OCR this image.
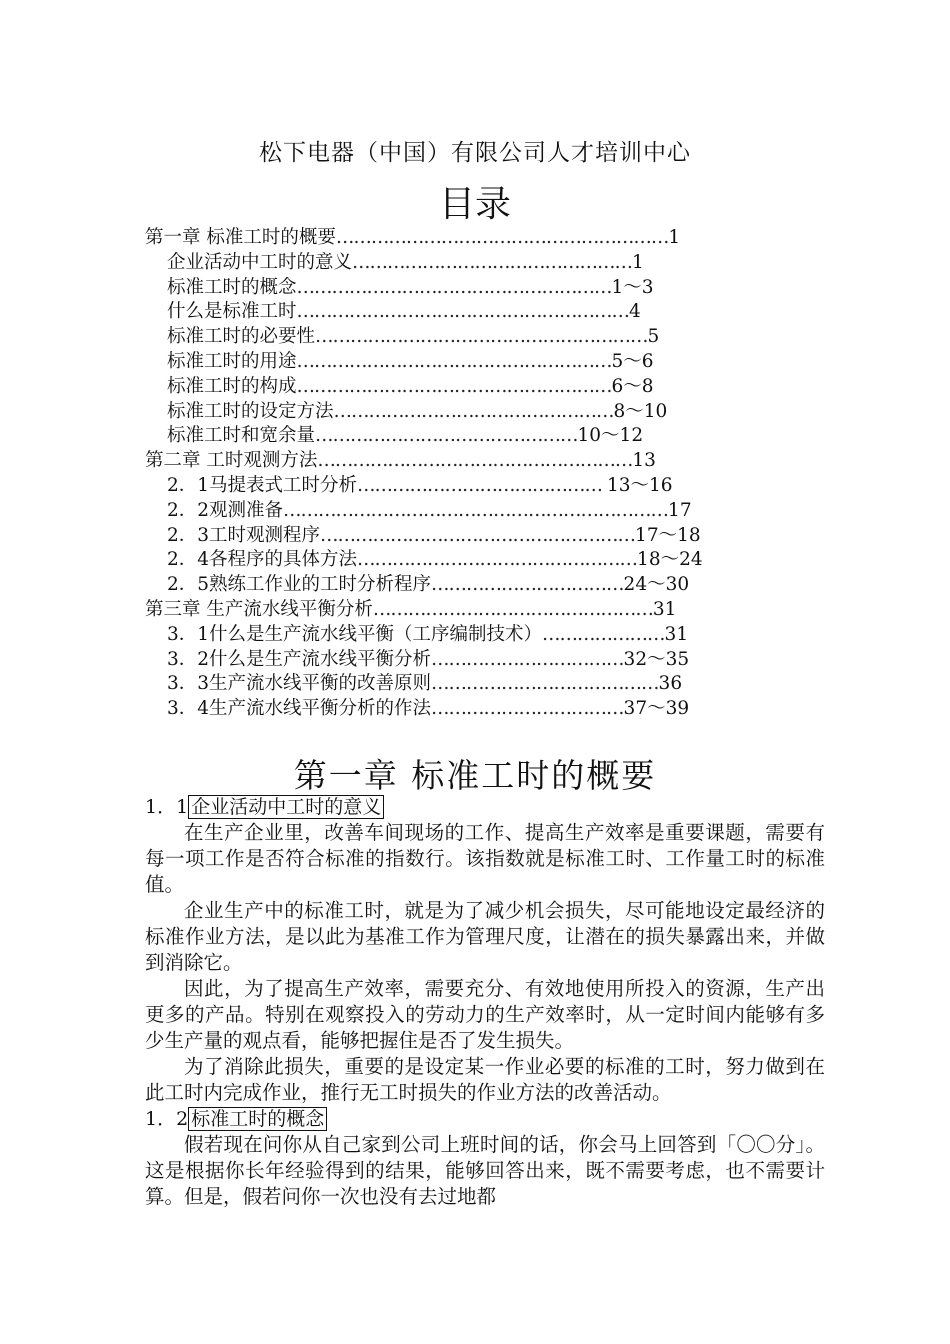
松下电器（中国）有限公司人才培训中心
目录
第一章 标准工时的概要…………………………………………………1
企业活动中工时的意义…………………………………………1
标准工时的概念………………………………………………1～3
什么是标准工时…………………………………………………4
标准工时的必要性…………………………………………………5
标准工时的用途………………………………………………5～6
标准工时的构成………………………………………………6～8
标准工时的设定方法…………………………………………8～10
标准工时和宽余量………………………………………10～12
第二章 工时观测方法………………………………………………13
2．1马提表式工时分析…………………………………… 13～16
2．2观测准备…………………………………………………………17
2．3工时观测程序………………………………………………17～18
2．4各程序的具体方法…………………………………………18～24
2．5熟练工作业的工时分析程序……………………………24～30
第三章 生产流水线平衡分析…………………………………………31
3．1什么是生产流水线平衡（工序编制技术）…………………31
3．2什么是生产流水线平衡分析……………………………32～35
3．3生产流水线平衡的改善原则…………………………………36
3．4生产流水线平衡分析的作法……………………………37～39
第一章 标准工时的概要
1．1 企业活动中工时的意义

在生产企业里，改善车间现场的工作、提高生产效率是重要课题，需要有每一项工作是否符合标准的指数行。该指数就是标准工时、工作量工时的标准值。

企业生产中的标准工时，就是为了减少机会损失，尽可能地设定最经济的标准作业方法，是以此为基准工作为管理尺度，让潜在的损失暴露出来，并做到消除它。

因此，为了提高生产效率，需要充分、有效地使用所投入的资源，生产出更多的产品。特别在观察投入的劳动力的生产效率时，从一定时间内能够有多少生产量的观点看，能够把握住是否了发生损失。

为了消除此损失，重要的是设定某一作业必要的标准的工时，努力做到在此工时内完成作业，推行无工时损失的作业方法的改善活动。

1．2 标准工时的概念

假若现在问你从自己家到公司上班时间的话，你会马上回答到「〇〇分」。这是根据你长年经验得到的结果，能够回答出来，既不需要考虑，也不需要计算。但是，假若问你一次也没有去过地都
